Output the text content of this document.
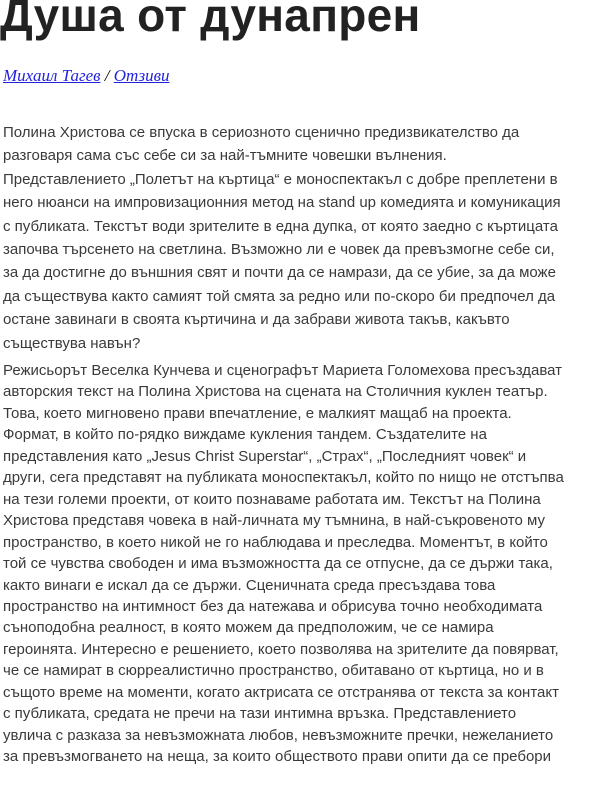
Душа от дунапрен
Михаил Тагев / Отзиви
Полина Христова се впуска в сериозното сценично предизвикателство да
разговаря сама със себе си за най-тъмните човешки вълнения.
Представлението „Полетът на къртица“ е моноспектакъл с добре преплетени в
него нюанси на импровизационния метод на stand up комедията и комуникация
с публиката. Текстът води зрителите в една дупка, от която заедно с къртицата
започва търсенето на светлина. Възможно ли е човек да превъзмогне себе си,
за да достигне до външния свят и почти да се намрази, да се убие, за да може
да съществува както самият той смята за редно или по-скоро би предпочел да
остане завинаги в своята къртичина и да забрави живота такъв, какъвто
съществува навън?
Режисьорът Веселка Кунчева и сценографът Мариета Голомехова пресъздават
авторския текст на Полина Христова на сцената на Столичния куклен театър.
Това, което мигновено прави впечатление, е малкият мащаб на проекта.
Формат, в който по-рядко виждаме кукления тандем. Създателите на
представления като „Jesus Christ Superstar“, „Страх“, „Последният човек“ и
други, сега представят на публиката моноспектакъл, който по нищо не отстъпва
на тези големи проекти, от които познаваме работата им. Текстът на Полина
Христова представя човека в най-личната му тъмнина, в най-съкровеното му
пространство, в което никой не го наблюдава и преследва. Моментът, в който
той се чувства свободен и има възможността да се отпусне, да се държи така,
както винаги е искал да се държи. Сценичната среда пресъздава това
пространство на интимност без да натежава и обрисува точно необходимата
сънoподобна реалност, в която можем да предположим, че се намира
героинята. Интересно е решението, което позволява на зрителите да повярват,
че се намират в сюрреалистично пространство, обитавано от къртица, но и в
същото време на моменти, когато актрисата се отстранява от текста за контакт
с публиката, средата не пречи на тази интимна връзка. Представлението
увлича с разказа за невъзможната любов, невъзможните пречки, нежеланието
за превъзмогването на неща, за които обществото прави опити да се пребори
